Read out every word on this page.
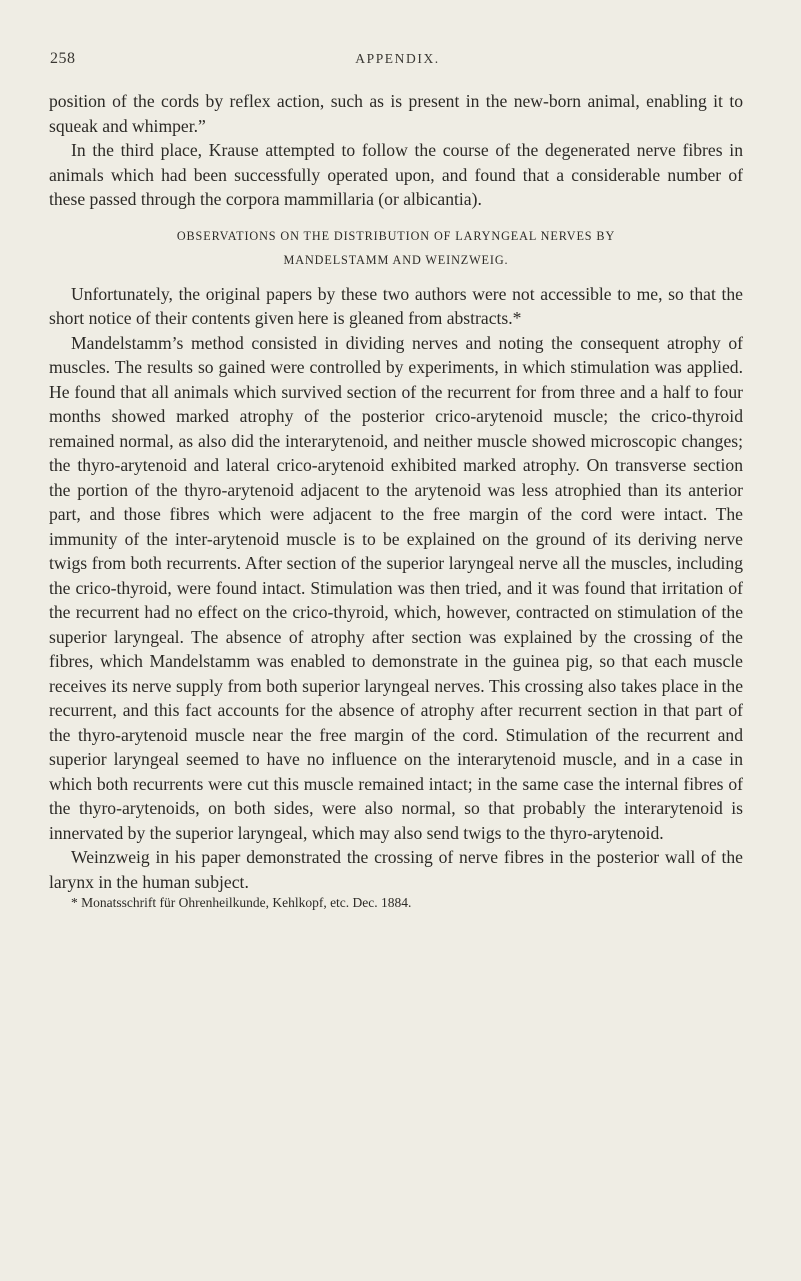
258	APPENDIX.

position of the cords by reflex action, such as is present in the new-born animal, enabling it to squeak and whimper.”

In the third place, Krause attempted to follow the course of the degenerated nerve fibres in animals which had been successfully operated upon, and found that a considerable number of these passed through the corpora mammillaria (or albicantia).

OBSERVATIONS ON THE DISTRIBUTION OF LARYNGEAL NERVES BY
MANDELSTAMM AND WEINZWEIG.

Unfortunately, the original papers by these two authors were not accessible to me, so that the short notice of their contents given here is gleaned from abstracts.*

Mandelstamm’s method consisted in dividing nerves and noting the consequent atrophy of muscles. The results so gained were controlled by experiments, in which stimulation was applied. He found that all animals which survived section of the recurrent for from three and a half to four months showed marked atrophy of the posterior crico-arytenoid muscle; the crico-thyroid remained normal, as also did the interarytenoid, and neither muscle showed microscopic changes; the thyro-arytenoid and lateral crico-arytenoid exhibited marked atrophy. On transverse section the portion of the thyro-arytenoid adjacent to the arytenoid was less atrophied than its anterior part, and those fibres which were adjacent to the free margin of the cord were intact. The immunity of the inter-arytenoid muscle is to be explained on the ground of its deriving nerve twigs from both recurrents. After section of the superior laryngeal nerve all the muscles, including the crico-thyroid, were found intact. Stimulation was then tried, and it was found that irritation of the recurrent had no effect on the crico-thyroid, which, however, contracted on stimulation of the superior laryngeal. The absence of atrophy after section was explained by the crossing of the fibres, which Mandelstamm was enabled to demonstrate in the guinea pig, so that each muscle receives its nerve supply from both superior laryngeal nerves. This crossing also takes place in the recurrent, and this fact accounts for the absence of atrophy after recurrent section in that part of the thyro-arytenoid muscle near the free margin of the cord. Stimulation of the recurrent and superior laryngeal seemed to have no influence on the interarytenoid muscle, and in a case in which both recurrents were cut this muscle remained intact; in the same case the internal fibres of the thyro-arytenoids, on both sides, were also normal, so that probably the interarytenoid is innervated by the superior laryngeal, which may also send twigs to the thyro-arytenoid.

Weinzweig in his paper demonstrated the crossing of nerve fibres in the posterior wall of the larynx in the human subject.

* Monatsschrift für Ohrenheilkunde, Kehlkopf, etc. Dec. 1884.
